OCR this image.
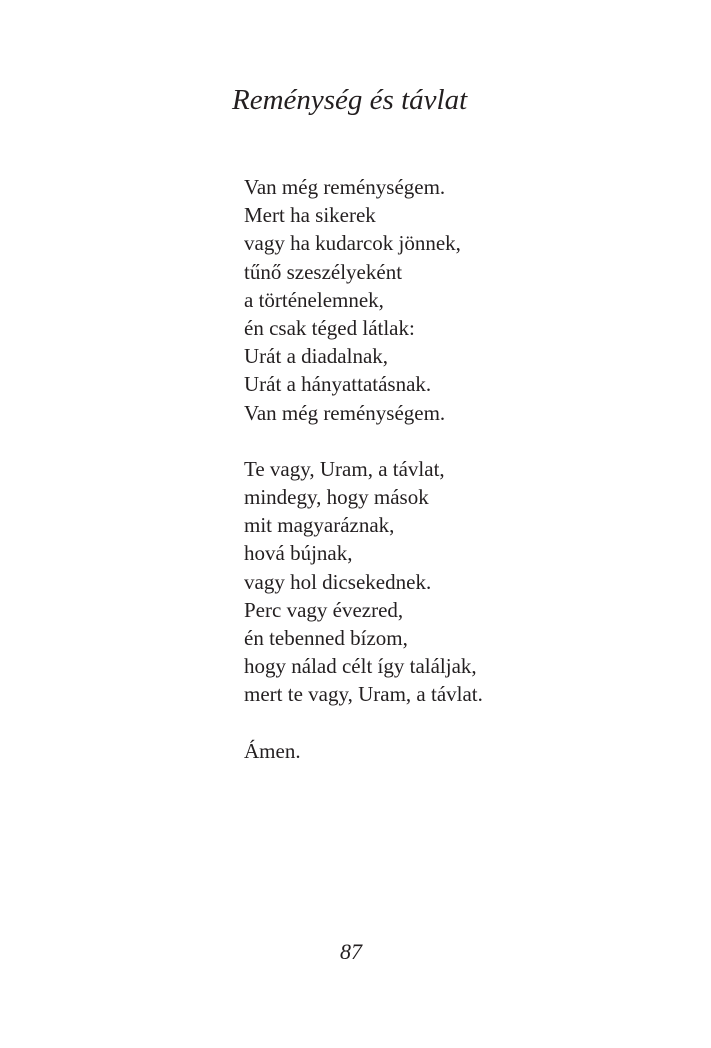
Reménység és távlat

Van még reménységem.
Mert ha sikerek
vagy ha kudarcok jönnek,
tűnő szeszélyeként
a történelemnek,
én csak téged látlak:
Urát a diadalnak,
Urát a hányattatásnak.
Van még reménységem.

Te vagy, Uram, a távlat,
mindegy, hogy mások
mit magyaráznak,
hová bújnak,
vagy hol dicsekednek.
Perc vagy évezred,
én tebenned bízom,
hogy nálad célt így találjak,
mert te vagy, Uram, a távlat.

Ámen.

87
